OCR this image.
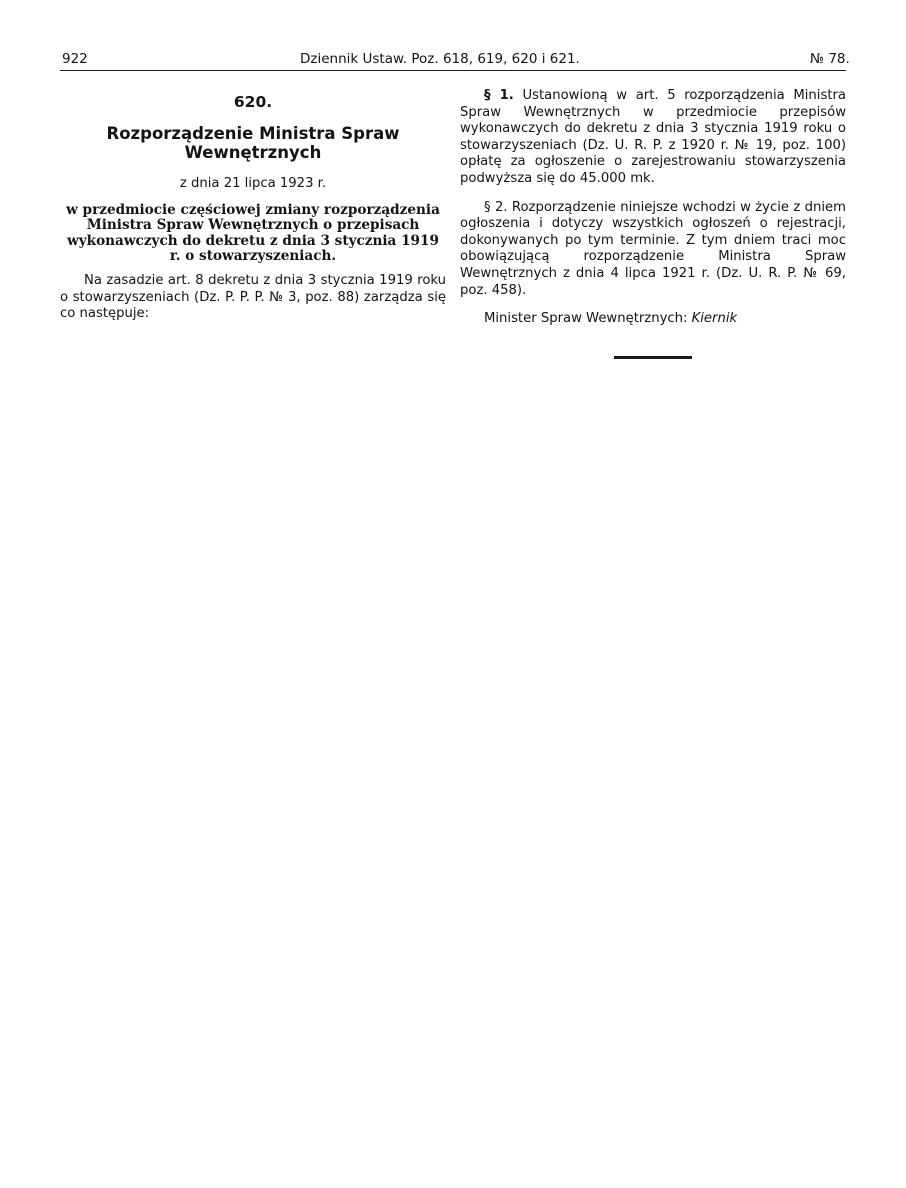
922	Dziennik Ustaw. Poz. 618, 619, 620 i 621.	№ 78.
620.
Rozporządzenie Ministra Spraw Wewnętrznych
z dnia 21 lipca 1923 r.
w przedmiocie częściowej zmiany rozporządzenia Ministra Spraw Wewnętrznych o przepisach wykonawczych do dekretu z dnia 3 stycznia 1919 r. o stowarzyszeniach.

Na zasadzie art. 8 dekretu z dnia 3 stycznia 1919 roku o stowarzyszeniach (Dz. P. P. P. № 3, poz. 88) zarządza się co następuje:

§ 1. Ustanowioną w art. 5 rozporządzenia Ministra Spraw Wewnętrznych w przedmiocie przepisów wykonawczych do dekretu z dnia 3 stycznia 1919 roku o stowarzyszeniach (Dz. U. R. P. z 1920 r. № 19, poz. 100) opłatę za ogłoszenie o zarejestrowaniu stowarzyszenia podwyższa się do 45.000 mk.

§ 2. Rozporządzenie niniejsze wchodzi w życie z dniem ogłoszenia i dotyczy wszystkich ogłoszeń o rejestracji, dokonywanych po tym terminie. Z tym dniem traci moc obowiązującą rozporządzenie Ministra Spraw Wewnętrznych z dnia 4 lipca 1921 r. (Dz. U. R. P. № 69, poz. 458).

Minister Spraw Wewnętrznych: Kiernik
